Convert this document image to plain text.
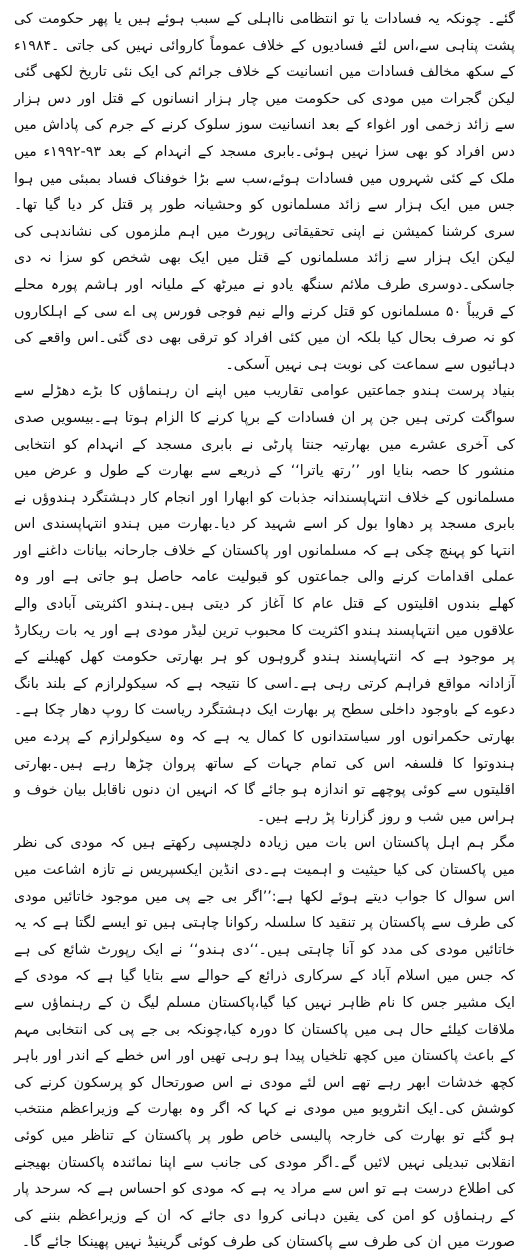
گئے۔ چونکہ یہ فسادات یا تو انتظامی نااہلی کے سبب ہوئے ہیں یا پھر حکومت کی پشت پناہی سے،اس لئے فسادیوں کے خلاف عموماً کاروائی نہیں کی جاتی ۔۱۹۸۴ء کے سکھ مخالف فسادات میں انسانیت کے خلاف جرائم کی ایک نئی تاریخ لکھی گئی لیکن گجرات میں مودی کی حکومت میں چار ہزار انسانوں کے قتل اور دس ہزار سے زائد زخمی اور اغواء کے بعد انسانیت سوز سلوک کرنے کے جرم کی پاداش میں دس افراد کو بھی سزا نہیں ہوئی۔بابری مسجد کے انہدام کے بعد ۹۳-۱۹۹۲ء میں ملک کے کئی شہروں میں فسادات ہوئے،سب سے بڑا خوفناک فساد بمبئی میں ہوا جس میں ایک ہزار سے زائد مسلمانوں کو وحشیانہ طور پر قتل کر دیا گیا تھا۔سری کرشنا کمیشن نے اپنی تحقیقاتی رپورٹ میں اہم ملزموں کی نشاندہی کی لیکن ایک ہزار سے زائد مسلمانوں کے قتل میں ایک بھی شخص کو سزا نہ دی جاسکی۔دوسری طرف ملائم سنگھ یادو نے میرٹھ کے ملیانہ اور ہاشم پورہ محلے کے قریباً ۵۰ مسلمانوں کو قتل کرنے والے نیم فوجی فورس پی اے سی کے اہلکاروں کو نہ صرف بحال کیا بلکہ ان میں کئی افراد کو ترقی بھی دی گئی۔اس واقعے کی دہائیوں سے سماعت کی نوبت ہی نہیں آسکی۔

بنیاد پرست ہندو جماعتیں عوامی تقاریب میں اپنے ان رہنماؤں کا بڑے دھڑلے سے سواگت کرتی ہیں جن پر ان فسادات کے برپا کرنے کا الزام ہوتا ہے۔بیسویں صدی کی آخری عشرے میں بھارتیہ جنتا پارٹی نے بابری مسجد کے انہدام کو انتخابی منشور کا حصہ بنایا اور ’’رتھ یاترا‘‘ کے ذریعے سے بھارت کے طول و عرض میں مسلمانوں کے خلاف انتہاپسندانہ جذبات کو ابھارا اور انجام کار دہشتگرد ہندوؤں نے بابری مسجد پر دھاوا بول کر اسے شہید کر دیا۔بھارت میں ہندو انتہاپسندی اس انتہا کو پہنچ چکی ہے کہ مسلمانوں اور پاکستان کے خلاف جارحانہ بیانات داغنے اور عملی اقدامات کرنے والی جماعتوں کو قبولیت عامہ حاصل ہو جاتی ہے اور وہ کھلے بندوں اقلیتوں کے قتل عام کا آغاز کر دیتی ہیں۔ہندو اکثریتی آبادی والے علاقوں میں انتہاپسند ہندو اکثریت کا محبوب ترین لیڈر مودی ہے اور یہ بات ریکارڈ پر موجود ہے کہ انتہاپسند ہندو گروہوں کو ہر بھارتی حکومت کھل کھیلنے کے آزادانہ مواقع فراہم کرتی رہی ہے۔اسی کا نتیجہ ہے کہ سیکولرازم کے بلند بانگ دعوے کے باوجود داخلی سطح پر بھارت ایک دہشتگرد ریاست کا روپ دھار چکا ہے۔بھارتی حکمرانوں اور سیاستدانوں کا کمال یہ ہے کہ وہ سیکولرازم کے پردے میں ہندوتوا کا فلسفہ اس کی تمام جہات کے ساتھ پروان چڑھا رہے ہیں۔بھارتی اقلیتوں سے کوئی پوچھے تو اندازہ ہو جائے گا کہ انہیں ان دنوں ناقابل بیان خوف و ہراس میں شب و روز گزارنا پڑ رہے ہیں۔

مگر ہم اہل پاکستان اس بات میں زیادہ دلچسپی رکھتے ہیں کہ مودی کی نظر میں پاکستان کی کیا حیثیت و اہمیت ہے۔دی انڈین ایکسپریس نے تازہ اشاعت میں اس سوال کا جواب دیتے ہوئے لکھا ہے:’’اگر بی جے پی میں موجود خاتائیں مودی کی طرف سے پاکستان پر تنقید کا سلسلہ رکوانا چاہتی ہیں تو ایسے لگتا ہے کہ یہ خاتائیں مودی کی مدد کو آنا چاہتی ہیں۔‘‘دی ہندو‘‘ نے ایک رپورٹ شائع کی ہے کہ جس میں اسلام آباد کے سرکاری ذرائع کے حوالے سے بتایا گیا ہے کہ مودی کے ایک مشیر جس کا نام ظاہر نہیں کیا گیا،پاکستان مسلم لیگ ن کے رہنماؤں سے ملاقات کیلئے حال ہی میں پاکستان کا دورہ کیا،چونکہ بی جے پی کی انتخابی مہم کے باعث پاکستان میں کچھ تلخیاں پیدا ہو رہی تھیں اور اس خطے کے اندر اور باہر کچھ خدشات ابھر رہے تھے اس لئے مودی نے اس صورتحال کو پرسکون کرنے کی کوشش کی۔ایک انٹرویو میں مودی نے کہا کہ اگر وہ بھارت کے وزیراعظم منتخب ہو گئے تو بھارت کی خارجہ پالیسی خاص طور پر پاکستان کے تناظر میں کوئی انقلابی تبدیلی نہیں لائیں گے۔اگر مودی کی جانب سے اپنا نمائندہ پاکستان بھیجنے کی اطلاع درست ہے تو اس سے مراد یہ ہے کہ مودی کو احساس ہے کہ سرحد پار کے رہنماؤں کو امن کی یقین دہانی کروا دی جائے کہ ان کے وزیراعظم بننے کی صورت میں ان کی طرف سے پاکستان کی طرف کوئی گرینیڈ نہیں پھینکا جائے گا۔
